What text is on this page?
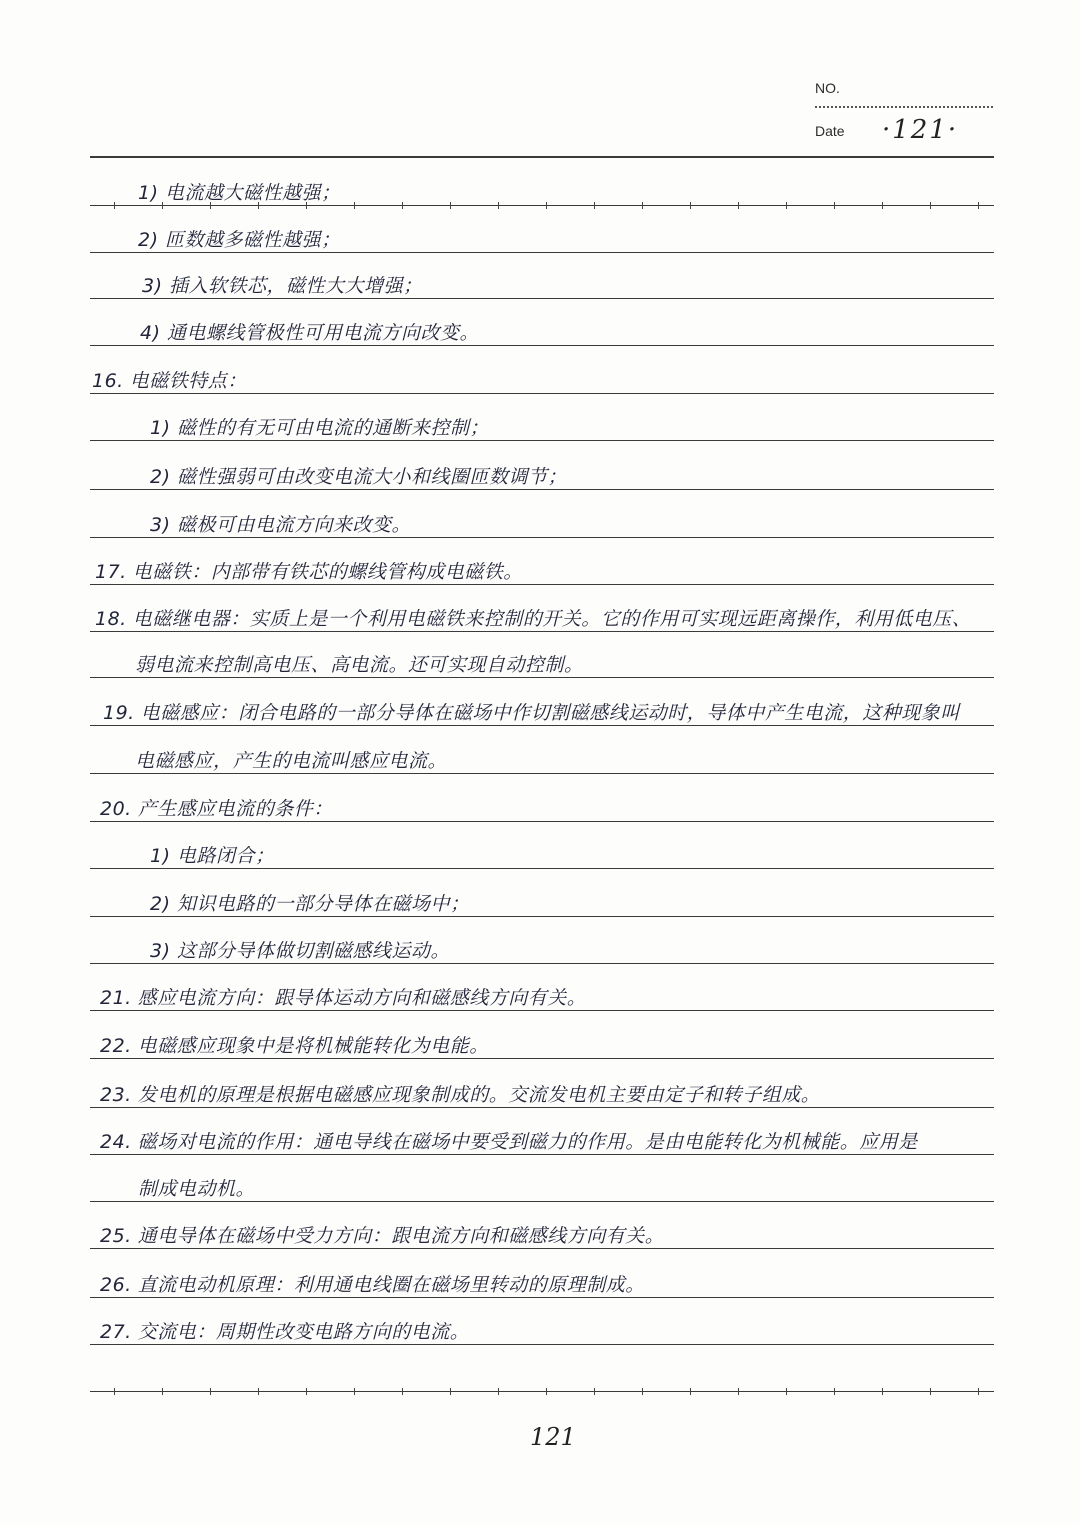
NO.
Date ·121·
1) 电流越大磁性越强；
2) 匝数越多磁性越强；
3) 插入软铁芯，磁性大大增强；
4) 通电螺线管极性可用电流方向改变。
16. 电磁铁特点：
1) 磁性的有无可由电流的通断来控制；
2) 磁性强弱可由改变电流大小和线圈匝数调节；
3) 磁极可由电流方向来改变。
17. 电磁铁：内部带有铁芯的螺线管构成电磁铁。
18. 电磁继电器：实质上是一个利用电磁铁来控制的开关。它的作用可实现远距离操作，利用低电压、
弱电流来控制高电压、高电流。还可实现自动控制。
19. 电磁感应：闭合电路的一部分导体在磁场中作切割磁感线运动时，导体中产生电流，这种现象叫
电磁感应，产生的电流叫感应电流。
20. 产生感应电流的条件：
1) 电路闭合；
2) 知识电路的一部分导体在磁场中；
3) 这部分导体做切割磁感线运动。
21. 感应电流方向：跟导体运动方向和磁感线方向有关。
22. 电磁感应现象中是将机械能转化为电能。
23. 发电机的原理是根据电磁感应现象制成的。交流发电机主要由定子和转子组成。
24. 磁场对电流的作用：通电导线在磁场中要受到磁力的作用。是由电能转化为机械能。应用是
制成电动机。
25. 通电导体在磁场中受力方向：跟电流方向和磁感线方向有关。
26. 直流电动机原理：利用通电线圈在磁场里转动的原理制成。
27. 交流电：周期性改变电路方向的电流。
121
